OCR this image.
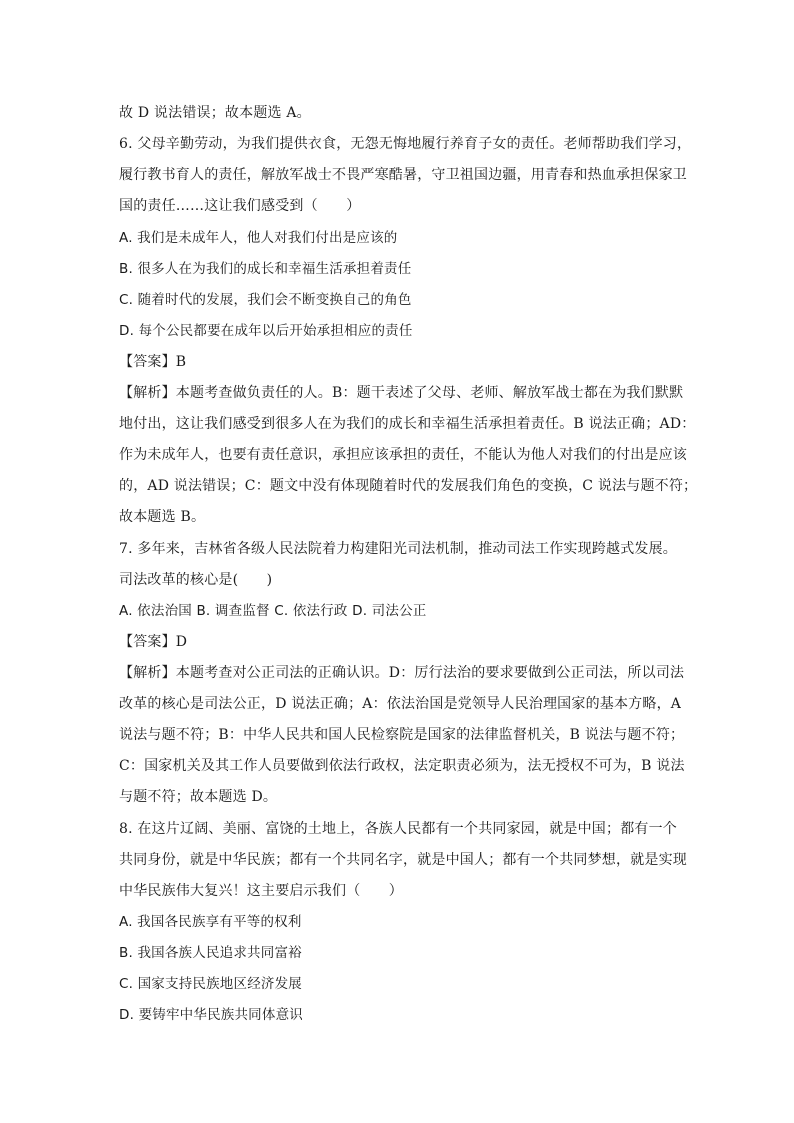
故 D 说法错误；故本题选 A。
6. 父母辛勤劳动，为我们提供衣食，无怨无悔地履行养育子女的责任。老师帮助我们学习，
履行教书育人的责任，解放军战士不畏严寒酷暑，守卫祖国边疆，用青春和热血承担保家卫
国的责任……这让我们感受到（　　）
A. 我们是未成年人，他人对我们付出是应该的
B. 很多人在为我们的成长和幸福生活承担着责任
C. 随着时代的发展，我们会不断变换自己的角色
D. 每个公民都要在成年以后开始承担相应的责任
【答案】B
【解析】本题考查做负责任的人。B：题干表述了父母、老师、解放军战士都在为我们默默
地付出，这让我们感受到很多人在为我们的成长和幸福生活承担着责任。B 说法正确；AD：
作为未成年人，也要有责任意识，承担应该承担的责任，不能认为他人对我们的付出是应该
的，AD 说法错误；C：题文中没有体现随着时代的发展我们角色的变换，C 说法与题不符；
故本题选 B。
7. 多年来，吉林省各级人民法院着力构建阳光司法机制，推动司法工作实现跨越式发展。
司法改革的核心是(　　)
A. 依法治国 B. 调查监督 C. 依法行政 D. 司法公正
【答案】D
【解析】本题考查对公正司法的正确认识。D：厉行法治的要求要做到公正司法，所以司法
改革的核心是司法公正，D 说法正确；A：依法治国是党领导人民治理国家的基本方略，A
说法与题不符；B：中华人民共和国人民检察院是国家的法律监督机关，B 说法与题不符；
C：国家机关及其工作人员要做到依法行政权，法定职责必须为，法无授权不可为，B 说法
与题不符；故本题选 D。
8. 在这片辽阔、美丽、富饶的土地上，各族人民都有一个共同家园，就是中国；都有一个
共同身份，就是中华民族；都有一个共同名字，就是中国人；都有一个共同梦想，就是实现
中华民族伟大复兴！这主要启示我们（　　）
A. 我国各民族享有平等的权利
B. 我国各族人民追求共同富裕
C. 国家支持民族地区经济发展
D. 要铸牢中华民族共同体意识
